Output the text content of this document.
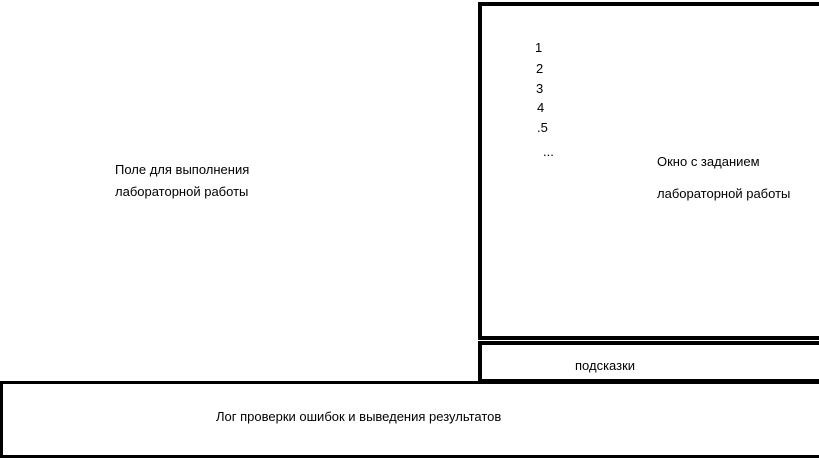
Поле для выполнения
лабораторной работы
1
2
3
4
.5
...
Окно с заданием
лабораторной работы
подсказки
Лог проверки ошибок и выведения результатов
